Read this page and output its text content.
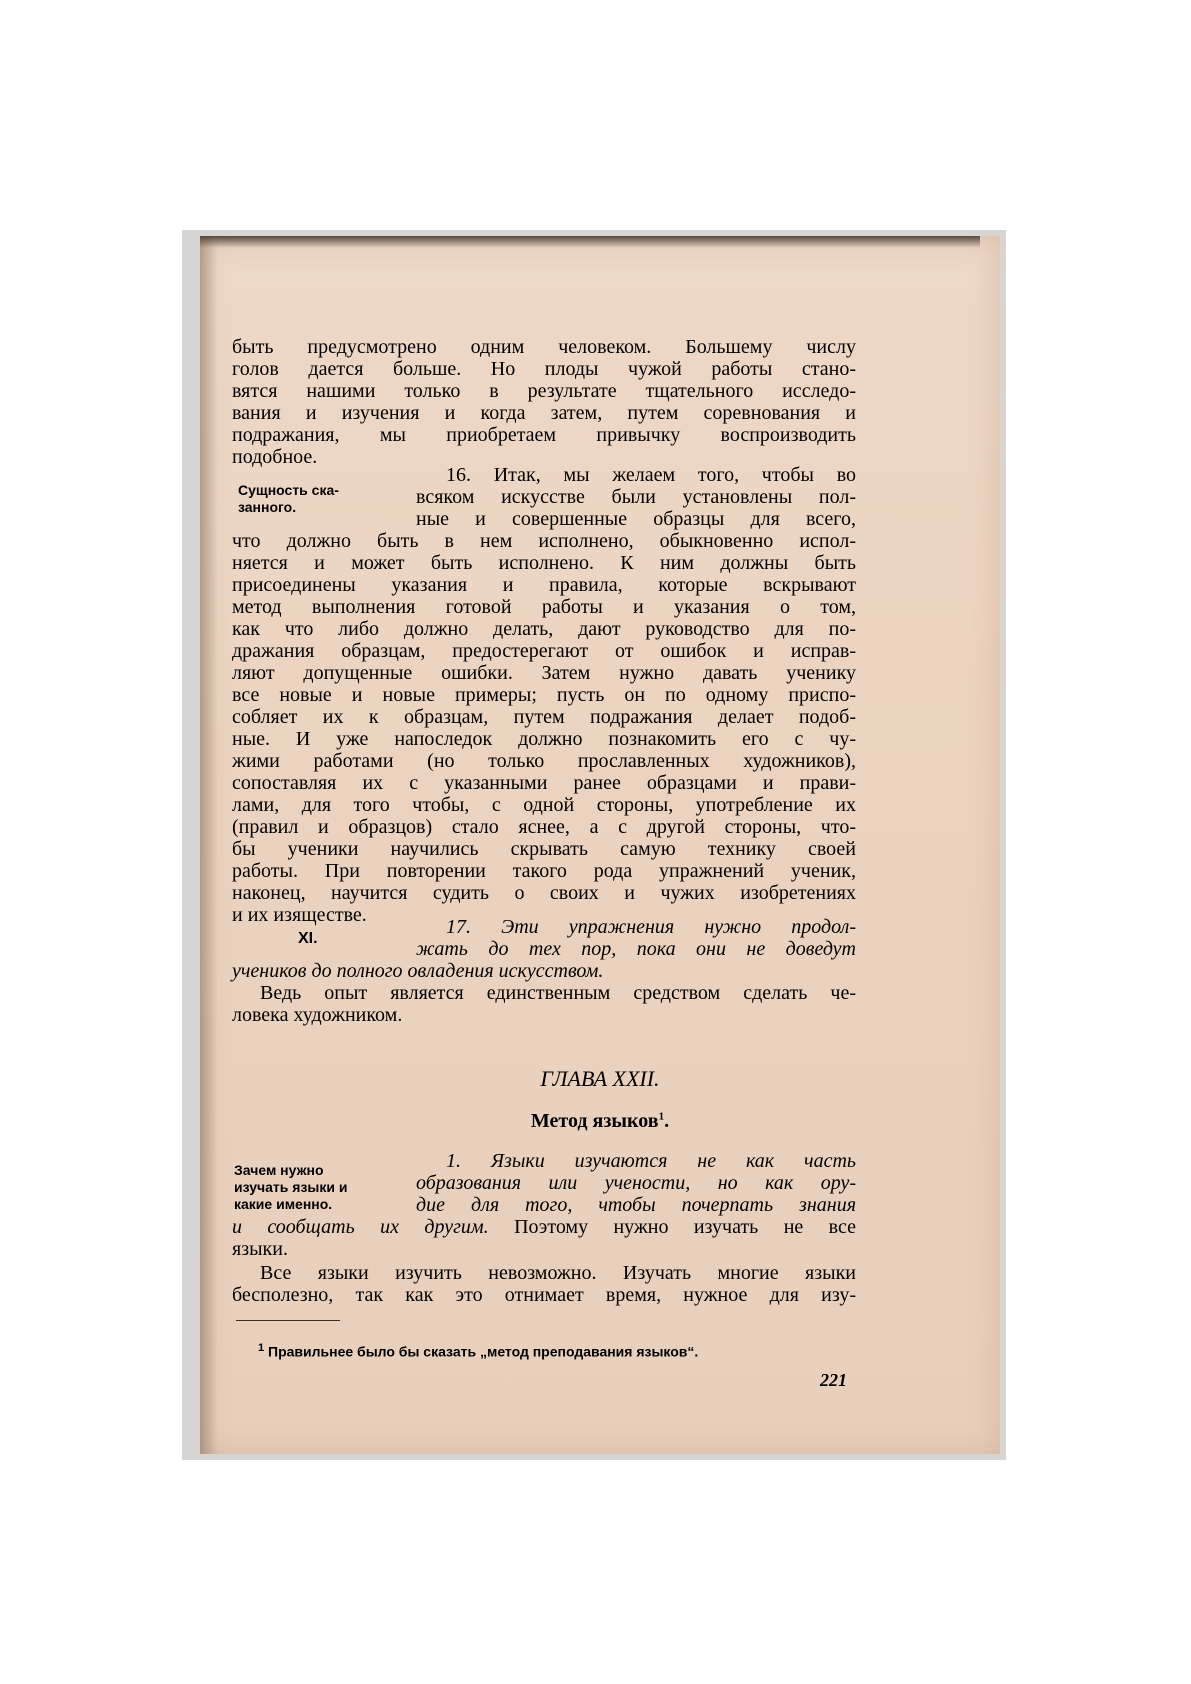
быть предусмотрено одним человеком. Большему числу
голов дается больше. Но плоды чужой работы стано-
вятся нашими только в результате тщательного исследо-
вания и изучения и когда затем, путем соревнования и
подражания, мы приобретаем привычку воспроизводить
подобное.
Сущность ска-
занного.
16. Итак, мы желаем того, чтобы во
всяком искусстве были установлены пол-
ные и совершенные образцы для всего,
что должно быть в нем исполнено, обыкновенно испол-
няется и может быть исполнено. К ним должны быть
присоединены указания и правила, которые вскрывают
метод выполнения готовой работы и указания о том,
как что либо должно делать, дают руководство для по-
дражания образцам, предостерегают от ошибок и исправ-
ляют допущенные ошибки. Затем нужно давать ученику
все новые и новые примеры; пусть он по одному приспо-
собляет их к образцам, путем подражания делает подоб-
ные. И уже напоследок должно познакомить его с чу-
жими работами (но только прославленных художников),
сопоставляя их с указанными ранее образцами и прави-
лами, для того чтобы, с одной стороны, употребление их
(правил и образцов) стало яснее, а с другой стороны, что-
бы ученики научились скрывать самую технику своей
работы. При повторении такого рода упражнений ученик,
наконец, научится судить о своих и чужих изобретениях
и их изяществе.
XI.
17. Эти упражнения нужно продол-
жать до тех пор, пока они не доведут
учеников до полного овладения искусством.
Ведь опыт является единственным средством сделать че-
ловека художником.
ГЛАВА XXII.
Метод языков$^1$.
Зачем нужно
изучать языки и
какие именно.
1. Языки изучаются не как часть
образования или учености, но как ору-
дие для того, чтобы почерпать знания
и сообщать их другим. Поэтому нужно изучать не все
языки.
Все языки изучить невозможно. Изучать многие языки
бесполезно, так как это отнимает время, нужное для изу-
$^1$ Правильнее было бы сказать „метод преподавания языков“.
221
